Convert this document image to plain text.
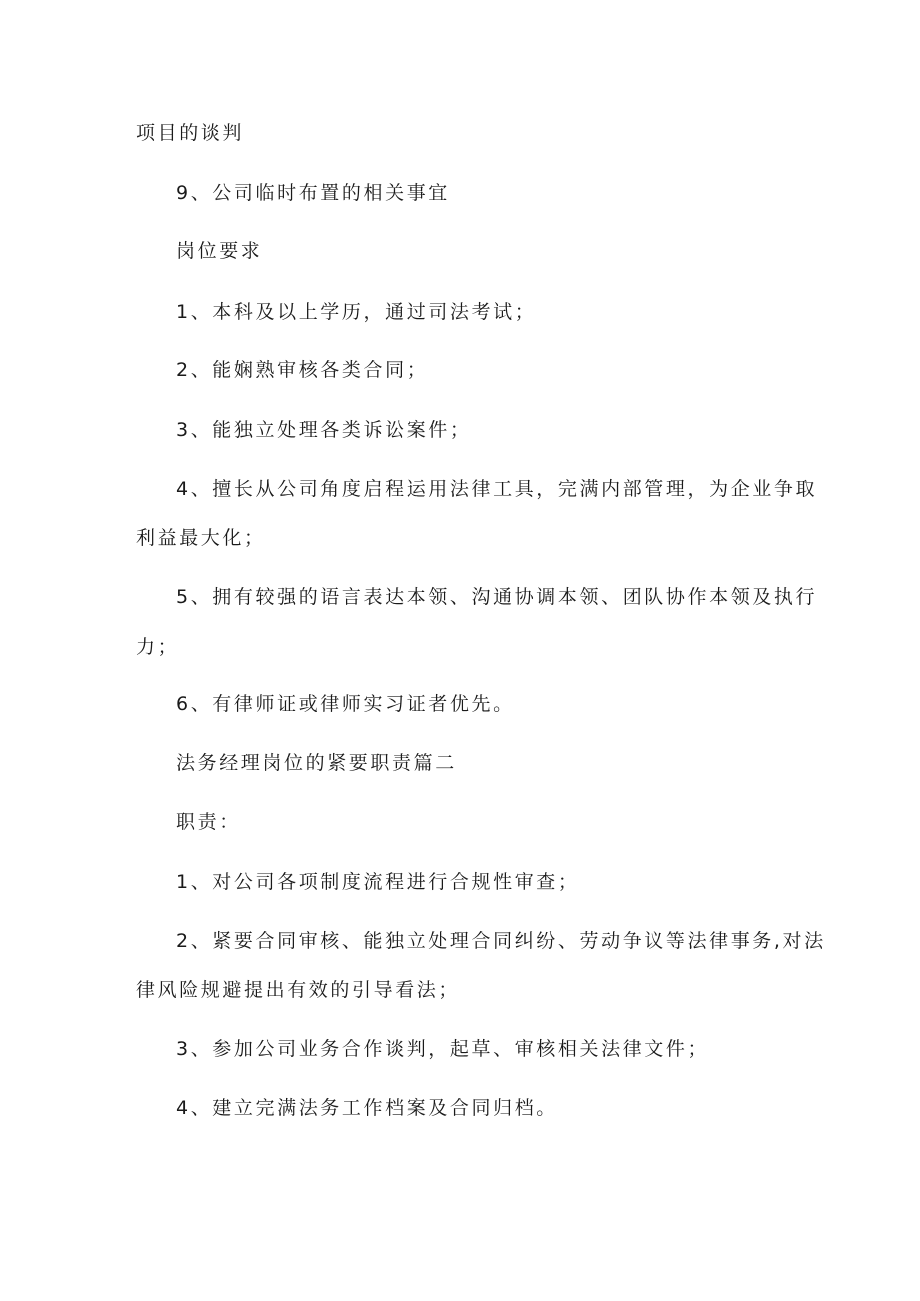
项目的谈判
9、公司临时布置的相关事宜
岗位要求
1、本科及以上学历，通过司法考试；
2、能娴熟审核各类合同；
3、能独立处理各类诉讼案件；
4、擅长从公司角度启程运用法律工具，完满内部管理，为企业争取
利益最大化；
5、拥有较强的语言表达本领、沟通协调本领、团队协作本领及执行
力；
6、有律师证或律师实习证者优先。
法务经理岗位的紧要职责篇二
职责：
1、对公司各项制度流程进行合规性审查；
2、紧要合同审核、能独立处理合同纠纷、劳动争议等法律事务,对法
律风险规避提出有效的引导看法；
3、参加公司业务合作谈判，起草、审核相关法律文件；
4、建立完满法务工作档案及合同归档。
